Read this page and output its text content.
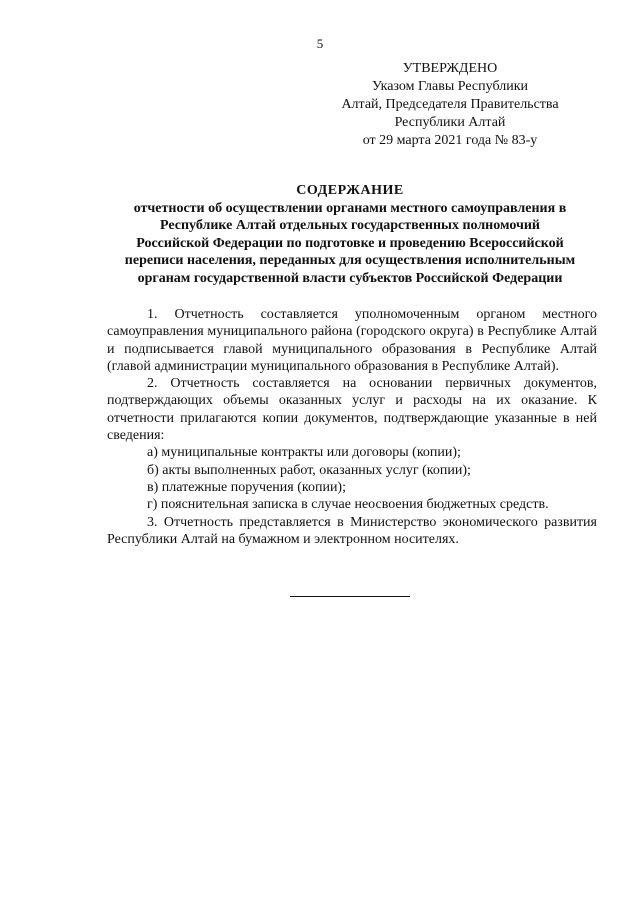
5
УТВЕРЖДЕНО
Указом Главы Республики
Алтай, Председателя Правительства
Республики Алтай
от 29 марта 2021 года № 83-у
СОДЕРЖАНИЕ
отчетности об осуществлении органами местного самоуправления в
Республике Алтай отдельных государственных полномочий
Российской Федерации по подготовке и проведению Всероссийской
переписи населения, переданных для осуществления исполнительным
органам государственной власти субъектов Российской Федерации

1. Отчетность составляется уполномоченным органом местного самоуправления муниципального района (городского округа) в Республике Алтай и подписывается главой муниципального образования в Республике Алтай (главой администрации муниципального образования в Республике Алтай).

2. Отчетность составляется на основании первичных документов, подтверждающих объемы оказанных услуг и расходы на их оказание. К отчетности прилагаются копии документов, подтверждающие указанные в ней сведения:

а) муниципальные контракты или договоры (копии);

б) акты выполненных работ, оказанных услуг (копии);

в) платежные поручения (копии);

г) пояснительная записка в случае неосвоения бюджетных средств.

3. Отчетность представляется в Министерство экономического развития Республики Алтай на бумажном и электронном носителях.
